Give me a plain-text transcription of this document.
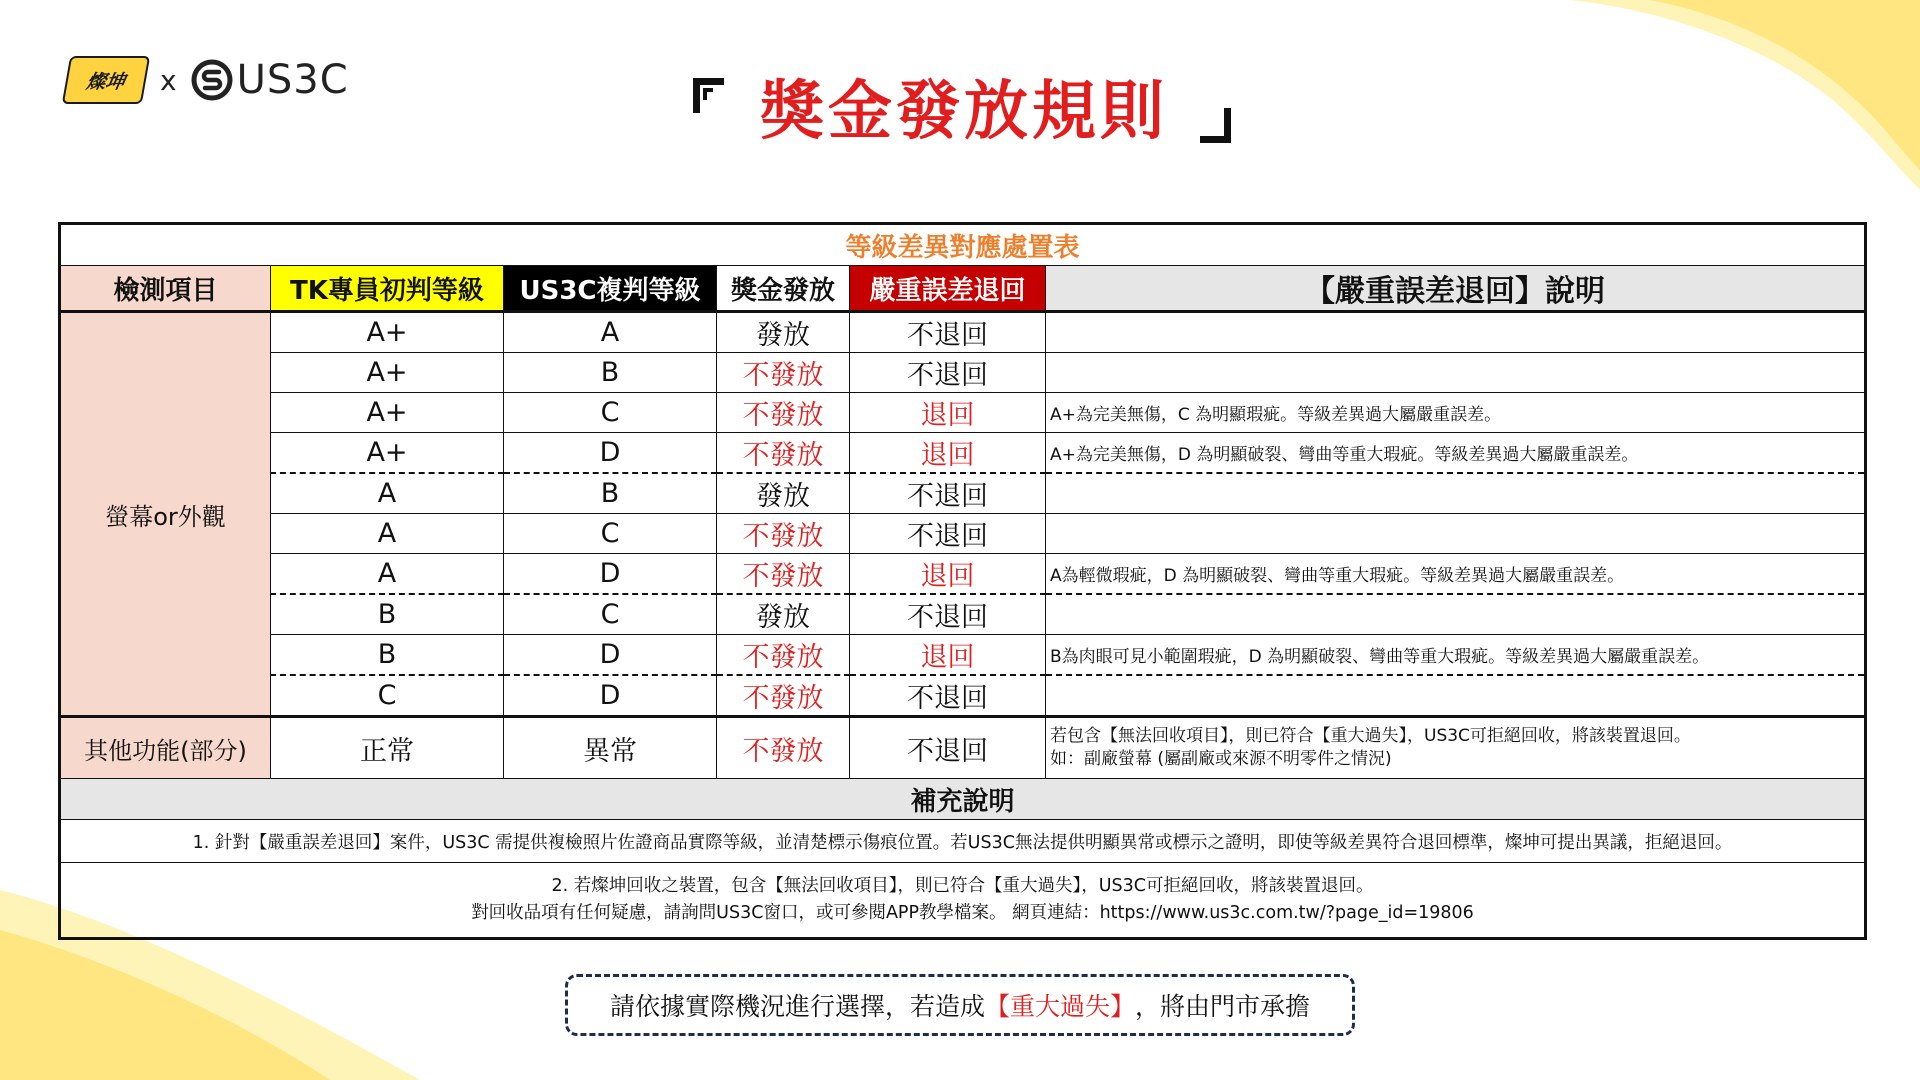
燦坤 x US3C	獎金發放規則
等級差異對應處置表					
檢測項目	TK專員初判等級	US3C複判等級	獎金發放	嚴重誤差退回	【嚴重誤差退回】說明
螢幕or外觀	A+	A	發放	不退回	
	A+	B	不發放	不退回	
	A+	C	不發放	退回	A+為完美無傷，C 為明顯瑕疵。等級差異過大屬嚴重誤差。
	A+	D	不發放	退回	A+為完美無傷，D 為明顯破裂、彎曲等重大瑕疵。等級差異過大屬嚴重誤差。
	A	B	發放	不退回	
	A	C	不發放	不退回	
	A	D	不發放	退回	A為輕微瑕疵，D 為明顯破裂、彎曲等重大瑕疵。等級差異過大屬嚴重誤差。
	B	C	發放	不退回	
	B	D	不發放	退回	B為肉眼可見小範圍瑕疵，D 為明顯破裂、彎曲等重大瑕疵。等級差異過大屬嚴重誤差。
	C	D	不發放	不退回	
其他功能(部分)	正常	異常	不發放	不退回	若包含【無法回收項目】，則已符合【重大過失】，US3C可拒絕回收，將該裝置退回。
如：副廠螢幕 (屬副廠或來源不明零件之情況)

補充說明					
1. 針對【嚴重誤差退回】案件，US3C 需提供複檢照片佐證商品實際等級，並清楚標示傷痕位置。若US3C無法提供明顯異常或標示之證明，即使等級差異符合退回標準，燦坤可提出異議，拒絕退回。					

2. 若燦坤回收之裝置，包含【無法回收項目】，則已符合【重大過失】，US3C可拒絕回收，將該裝置退回。
對回收品項有任何疑慮，請詢問US3C窗口，或可參閱APP教學檔案。 網頁連結：https://www.us3c.com.tw/?page_id=19806					
請依據實際機況進行選擇，若造成 【重大過失】 ，將由門市承擔
